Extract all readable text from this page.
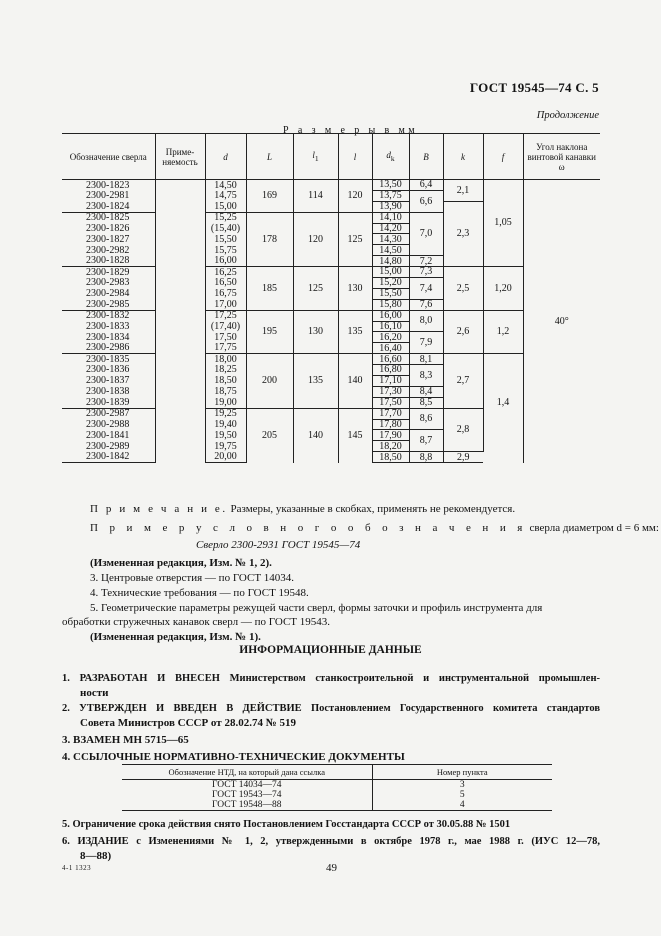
ГОСТ 19545—74 С. 5
Продолжение
Р а з м е р ы в мм
Обозначение сверла	Применяемость	d	L	$l_1$	l	$d_k$	B	k	f	Угол наклона винтовой канавки ω
2300-1823		14,50	169	114	120	13,50	6,4	2,1	1,05	40°
2300-2981		14,75				13,75	6,6			
2300-1824		15,00				13,90		2,3		
2300-1825		15,25	178	120	125	14,10	7,0			
2300-1826		(15,40)				14,20				
2300-1827		15,50				14,30				
2300-2982		15,75				14,50				
2300-1828		16,00				14,80	7,2			
2300-1829		16,25	185	125	130	15,00	7,3	2,5	1,20	
2300-2983		16,50				15,20	7,4			
2300-2984		16,75				15,50				
2300-2985		17,00				15,80	7,6			
2300-1832		17,25	195	130	135	16,00	8,0	2,6	1,2	
2300-1833		(17,40)				16,10				
2300-1834		17,50				16,20	7,9			
2300-2986		17,75				16,40				
2300-1835		18,00	200	135	140	16,60	8,1	2,7	1,4	
2300-1836		18,25				16,80	8,3			
2300-1837		18,50				17,10				
2300-1838		18,75				17,30	8,4			
2300-1839		19,00				17,50	8,5			
2300-2987		19,25	205	140	145	17,70	8,6	2,8		
2300-2988		19,40				17,80				
2300-1841		19,50				17,90	8,7			
2300-2989		19,75				18,20				
2300-1842		20,00				18,50	8,8	2,9		
П р и м е ч а н и е. Размеры, указанные в скобках, применять не рекомендуется.
П р и м е р у с л о в н о г о о б о з н а ч е н и я сверла диаметром d = 6 мм:
Сверло 2300-2931 ГОСТ 19545—74
(Измененная редакция, Изм. № 1, 2).
3. Центровые отверстия — по ГОСТ 14034.
4. Технические требования — по ГОСТ 19548.
5. Геометрические параметры режущей части сверл, формы заточки и профиль инструмента для
обработки стружечных канавок сверл — по ГОСТ 19543.
(Измененная редакция, Изм. № 1).
ИНФОРМАЦИОННЫЕ ДАННЫЕ
1. РАЗРАБОТАН И ВНЕСЕН Министерством станкостроительной и инструментальной промышлен-
ности
2. УТВЕРЖДЕН И ВВЕДЕН В ДЕЙСТВИЕ Постановлением Государственного комитета стандартов
Совета Министров СССР от 28.02.74 № 519
3. ВЗАМЕН МН 5715—65
4. ССЫЛОЧНЫЕ НОРМАТИВНО-ТЕХНИЧЕСКИЕ ДОКУМЕНТЫ
Обозначение НТД, на который дана ссылка	Номер пункта
ГОСТ 14034—74	3
ГОСТ 19543—74	5
ГОСТ 19548—88	4
5. Ограничение срока действия снято Постановлением Госстандарта СССР от 30.05.88 № 1501
6. ИЗДАНИЕ с Изменениями № 1, 2, утвержденными в октябре 1978 г., мае 1988 г. (ИУС 12—78,
8—88)
4-1 1323	49
